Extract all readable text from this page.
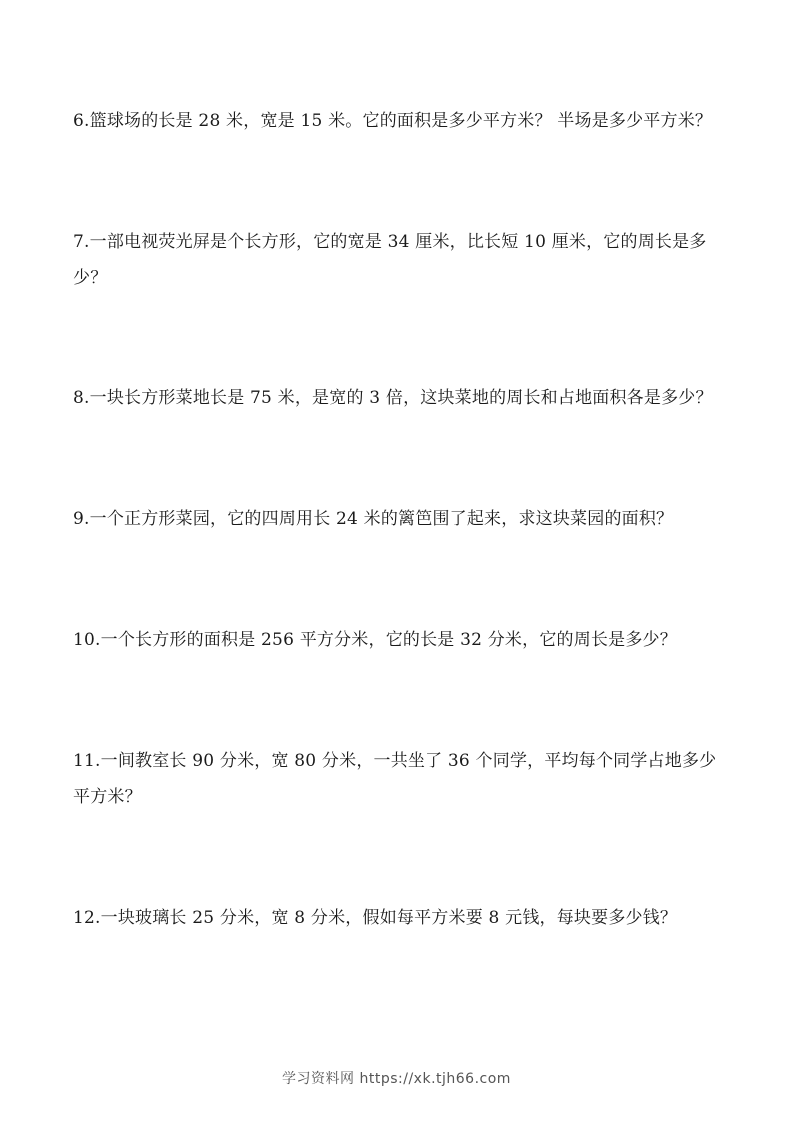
6.篮球场的长是 28 米，宽是 15 米。它的面积是多少平方米？ 半场是多少平方米？

7.一部电视荧光屏是个长方形，它的宽是 34 厘米，比长短 10 厘米，它的周长是多少？

8.一块长方形菜地长是 75 米，是宽的 3 倍，这块菜地的周长和占地面积各是多少？

9.一个正方形菜园，它的四周用长 24 米的篱笆围了起来，求这块菜园的面积？

10.一个长方形的面积是 256 平方分米，它的长是 32 分米，它的周长是多少？

11.一间教室长 90 分米，宽 80 分米，一共坐了 36 个同学，平均每个同学占地多少平方米？

12.一块玻璃长 25 分米，宽 8 分米，假如每平方米要 8 元钱，每块要多少钱？

学习资料网 https://xk.tjh66.com
